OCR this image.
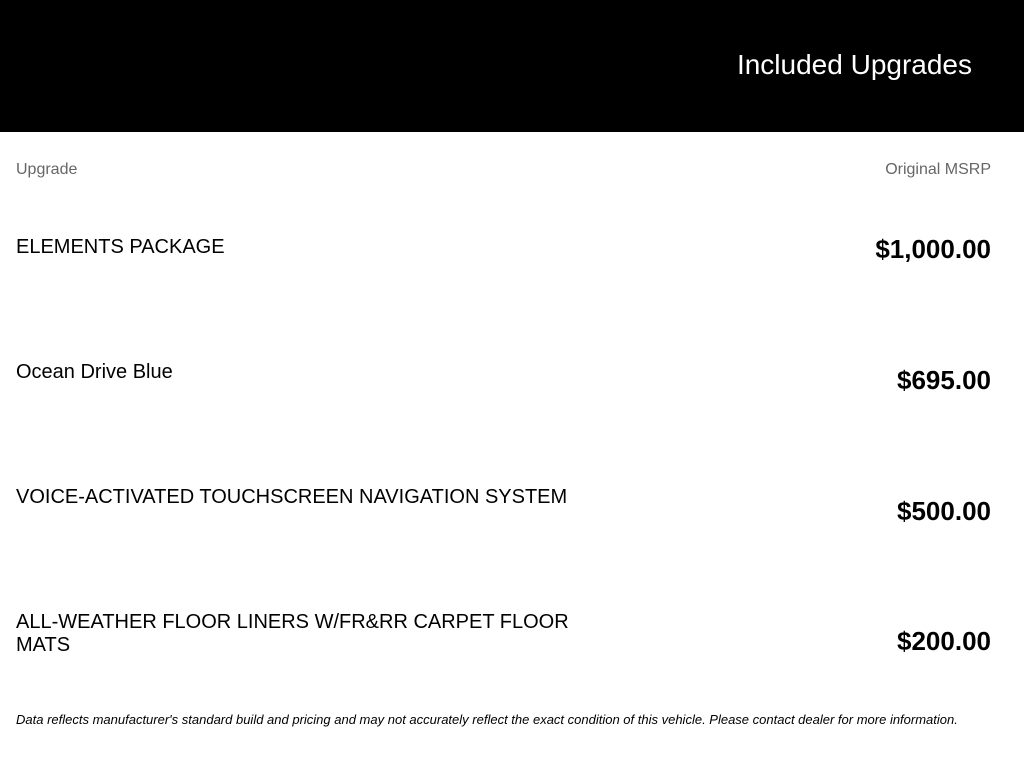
Included Upgrades
Upgrade	Original MSRP
ELEMENTS PACKAGE	$1,000.00
Ocean Drive Blue	$695.00
VOICE-ACTIVATED TOUCHSCREEN NAVIGATION SYSTEM	$500.00
ALL-WEATHER FLOOR LINERS W/FR&RR CARPET FLOOR MATS	$200.00
Data reflects manufacturer's standard build and pricing and may not accurately reflect the exact condition of this vehicle. Please contact dealer for more information.
